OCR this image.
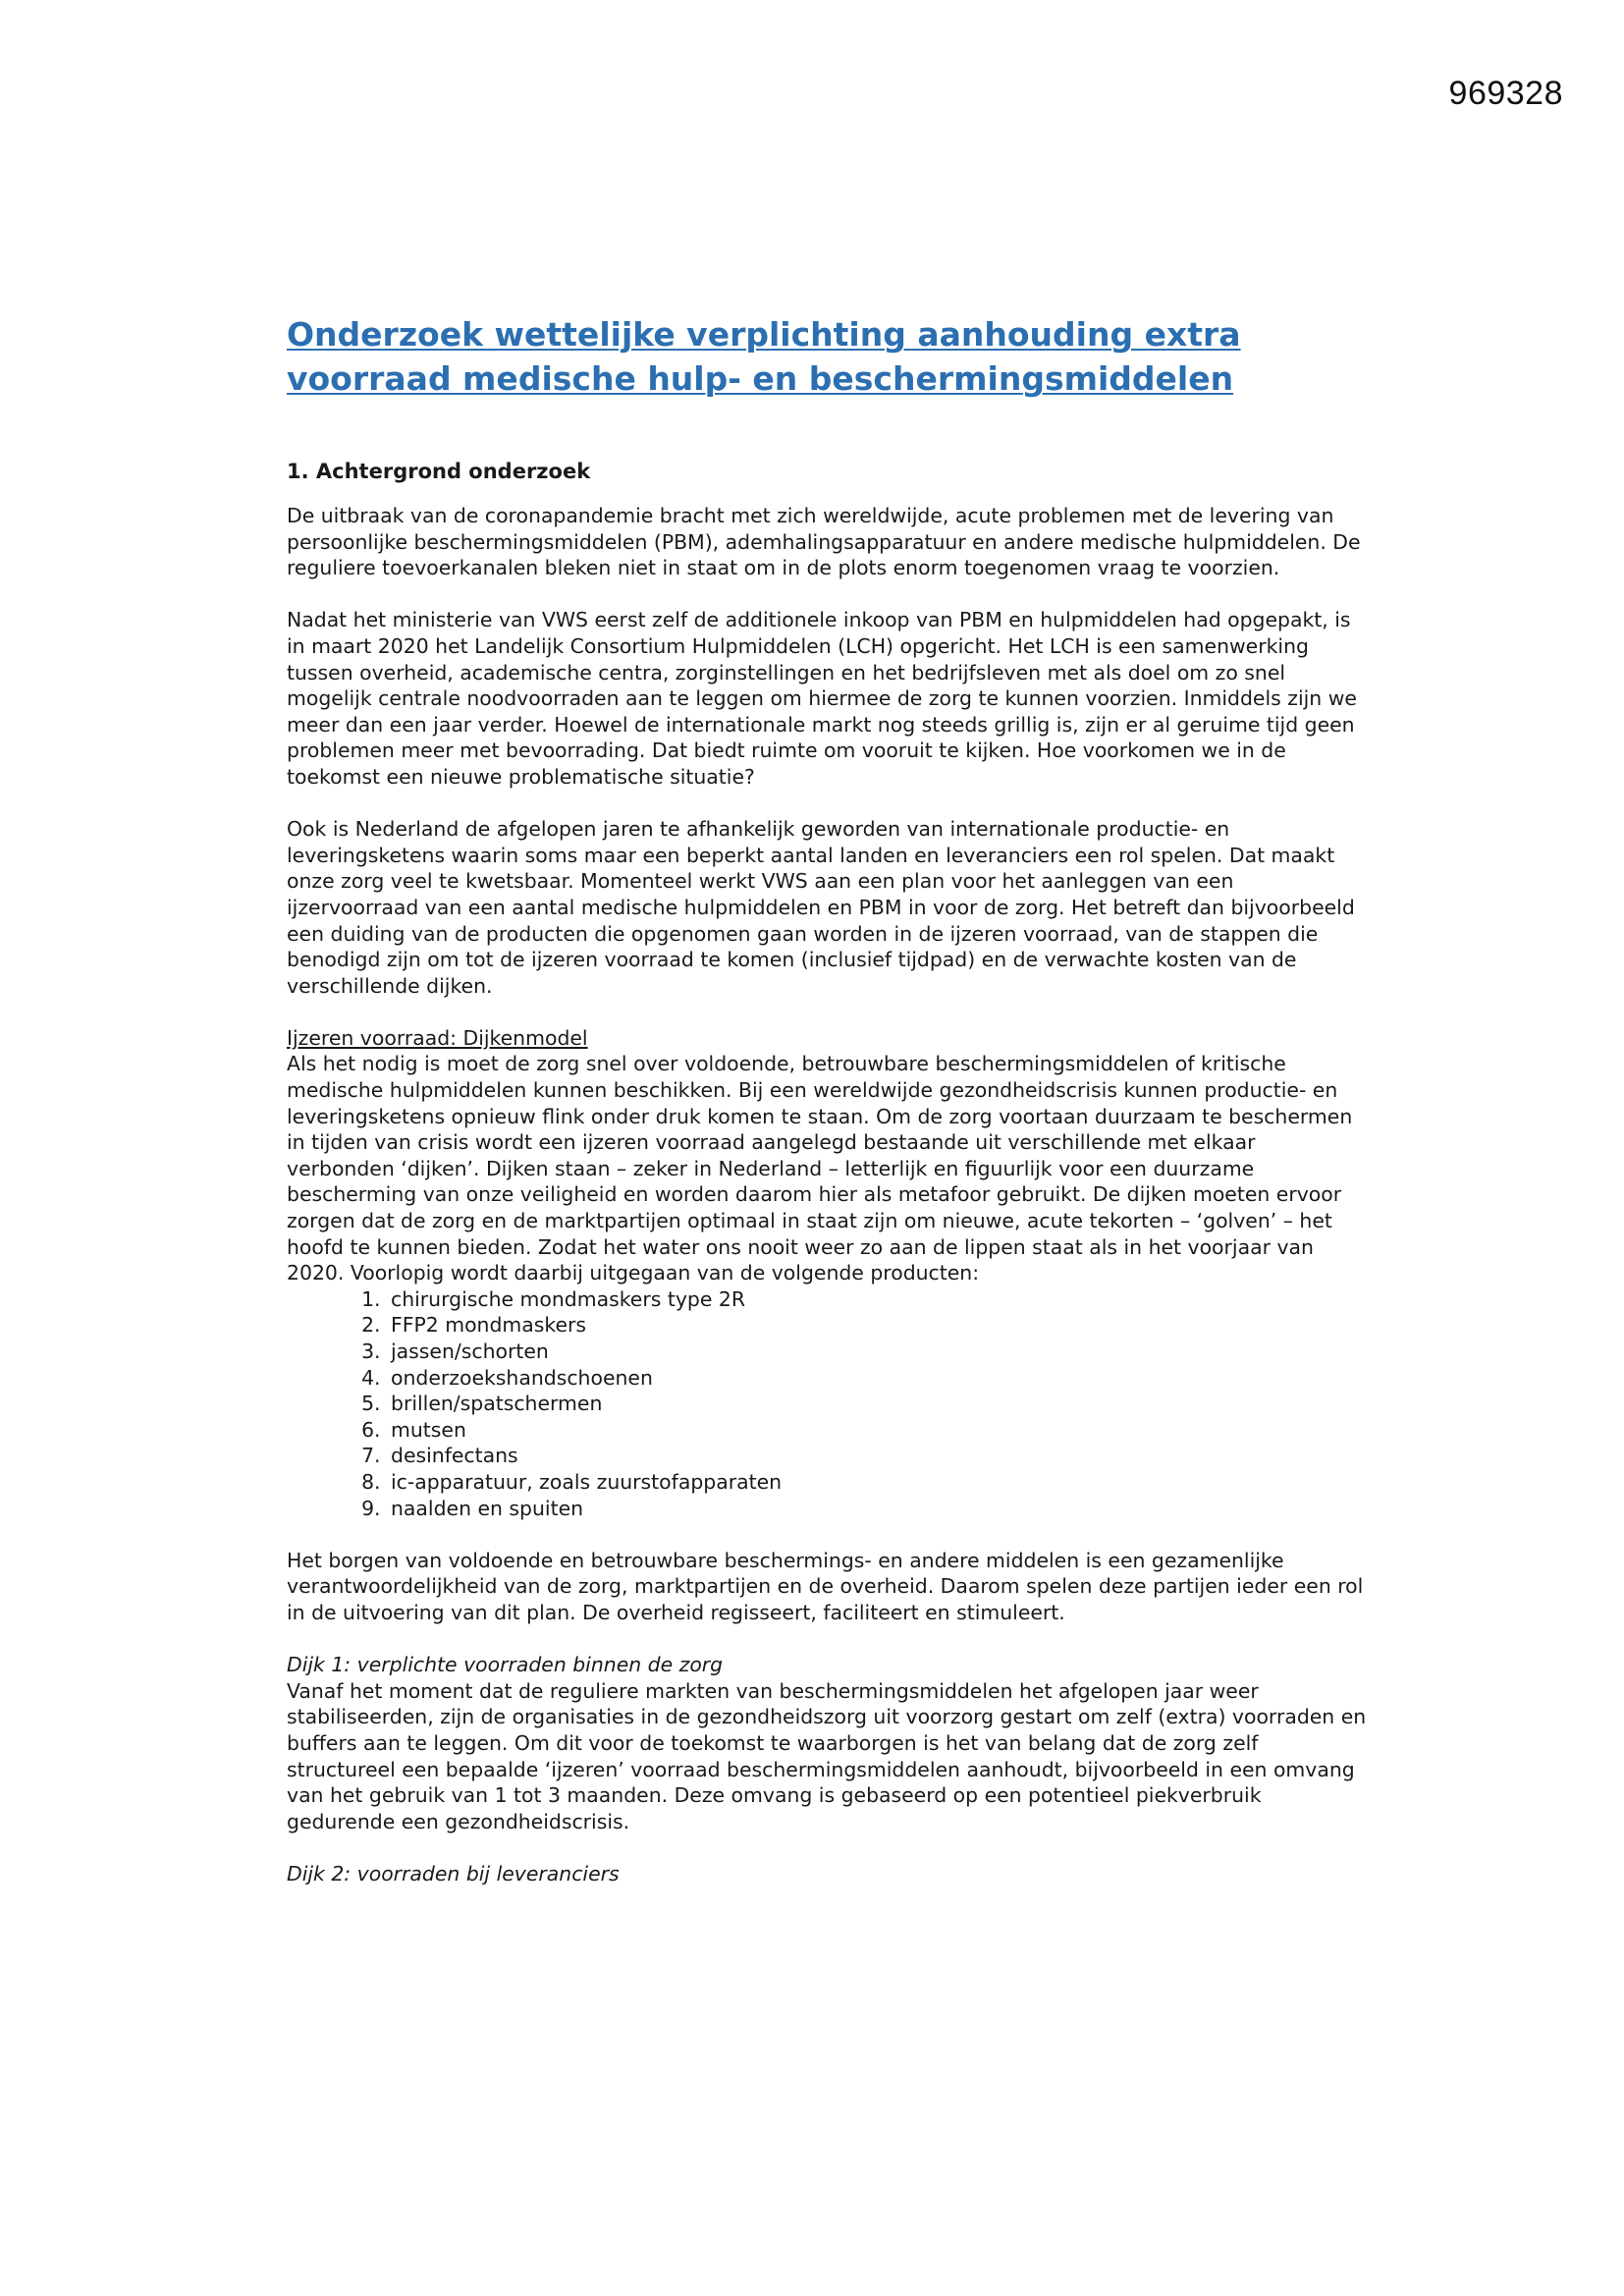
969328
Onderzoek wettelijke verplichting aanhouding extra
voorraad medische hulp- en beschermingsmiddelen
1. Achtergrond onderzoek

De uitbraak van de coronapandemie bracht met zich wereldwijde, acute problemen met de levering van persoonlijke beschermingsmiddelen (PBM), ademhalingsapparatuur en andere medische hulpmiddelen. De reguliere toevoerkanalen bleken niet in staat om in de plots enorm toegenomen vraag te voorzien.

Nadat het ministerie van VWS eerst zelf de additionele inkoop van PBM en hulpmiddelen had opgepakt, is in maart 2020 het Landelijk Consortium Hulpmiddelen (LCH) opgericht. Het LCH is een samenwerking tussen overheid, academische centra, zorginstellingen en het bedrijfsleven met als doel om zo snel mogelijk centrale noodvoorraden aan te leggen om hiermee de zorg te kunnen voorzien. Inmiddels zijn we meer dan een jaar verder. Hoewel de internationale markt nog steeds grillig is, zijn er al geruime tijd geen problemen meer met bevoorrading. Dat biedt ruimte om vooruit te kijken. Hoe voorkomen we in de toekomst een nieuwe problematische situatie?

Ook is Nederland de afgelopen jaren te afhankelijk geworden van internationale productie- en leveringsketens waarin soms maar een beperkt aantal landen en leveranciers een rol spelen. Dat maakt onze zorg veel te kwetsbaar. Momenteel werkt VWS aan een plan voor het aanleggen van een ijzervoorraad van een aantal medische hulpmiddelen en PBM in voor de zorg. Het betreft dan bijvoorbeeld een duiding van de producten die opgenomen gaan worden in de ijzeren voorraad, van de stappen die benodigd zijn om tot de ijzeren voorraad te komen (inclusief tijdpad) en de verwachte kosten van de verschillende dijken.

Ijzeren voorraad: Dijkenmodel

Als het nodig is moet de zorg snel over voldoende, betrouwbare beschermingsmiddelen of kritische medische hulpmiddelen kunnen beschikken. Bij een wereldwijde gezondheidscrisis kunnen productie- en leveringsketens opnieuw flink onder druk komen te staan. Om de zorg voortaan duurzaam te beschermen in tijden van crisis wordt een ijzeren voorraad aangelegd bestaande uit verschillende met elkaar verbonden ‘dijken’. Dijken staan – zeker in Nederland – letterlijk en figuurlijk voor een duurzame bescherming van onze veiligheid en worden daarom hier als metafoor gebruikt. De dijken moeten ervoor zorgen dat de zorg en de marktpartijen optimaal in staat zijn om nieuwe, acute tekorten – ‘golven’ – het hoofd te kunnen bieden. Zodat het water ons nooit weer zo aan de lippen staat als in het voorjaar van 2020. Voorlopig wordt daarbij uitgegaan van de volgende producten:

1. chirurgische mondmaskers type 2R
2. FFP2 mondmaskers
3. jassen/schorten
4. onderzoekshandschoenen
5. brillen/spatschermen
6. mutsen
7. desinfectans
8. ic-apparatuur, zoals zuurstofapparaten
9. naalden en spuiten

Het borgen van voldoende en betrouwbare beschermings- en andere middelen is een gezamenlijke verantwoordelijkheid van de zorg, marktpartijen en de overheid. Daarom spelen deze partijen ieder een rol in de uitvoering van dit plan. De overheid regisseert, faciliteert en stimuleert.

Dijk 1: verplichte voorraden binnen de zorg

Vanaf het moment dat de reguliere markten van beschermingsmiddelen het afgelopen jaar weer stabiliseerden, zijn de organisaties in de gezondheidszorg uit voorzorg gestart om zelf (extra) voorraden en buffers aan te leggen. Om dit voor de toekomst te waarborgen is het van belang dat de zorg zelf structureel een bepaalde ‘ijzeren’ voorraad beschermingsmiddelen aanhoudt, bijvoorbeeld in een omvang van het gebruik van 1 tot 3 maanden. Deze omvang is gebaseerd op een potentieel piekverbruik gedurende een gezondheidscrisis.

Dijk 2: voorraden bij leveranciers
